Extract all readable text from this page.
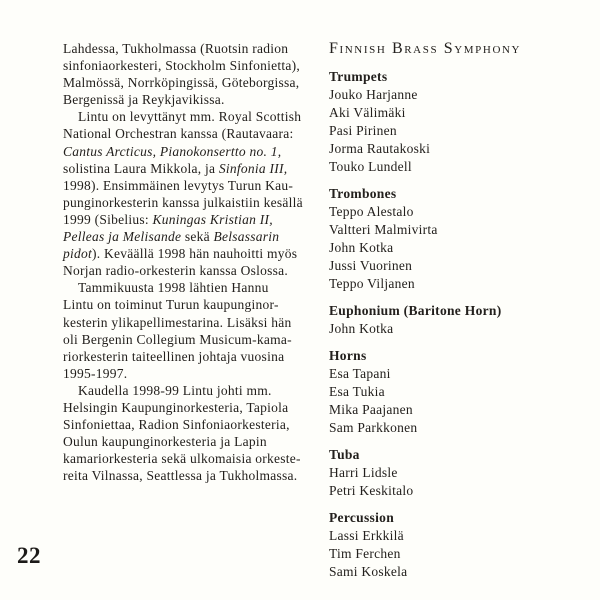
Lahdessa, Tukholmassa (Ruotsin radion
sinfoniaorkesteri, Stockholm Sinfonietta),
Malmössä, Norrköpingissä, Göteborgissa,
Bergenissä ja Reykjavikissa.
Lintu on levyttänyt mm. Royal Scottish
National Orchestran kanssa (Rautavaara:
Cantus Arcticus, Pianokonsertto no. 1,
solistina Laura Mikkola, ja Sinfonia III,
1998). Ensimmäinen levytys Turun Kau-
punginorkesterin kanssa julkaistiin kesällä
1999 (Sibelius: Kuningas Kristian II,
Pelleas ja Melisande sekä Belsassarin
pidot). Keväällä 1998 hän nauhoitti myös
Norjan radio-orkesterin kanssa Oslossa.
Tammikuusta 1998 lähtien Hannu
Lintu on toiminut Turun kaupunginor-
kesterin ylikapellimestarina. Lisäksi hän
oli Bergenin Collegium Musicum-kama-
riorkesterin taiteellinen johtaja vuosina
1995-1997.
Kaudella 1998-99 Lintu johti mm.
Helsingin Kaupunginorkesteria, Tapiola
Sinfoniettaa, Radion Sinfoniaorkesteria,
Oulun kaupunginorkesteria ja Lapin
kamariorkesteria sekä ulkomaisia orkeste-
reita Vilnassa, Seattlessa ja Tukholmassa.
Finnish Brass Symphony
Trumpets
Jouko Harjanne
Aki Välimäki
Pasi Pirinen
Jorma Rautakoski
Touko Lundell
Trombones
Teppo Alestalo
Valtteri Malmivirta
John Kotka
Jussi Vuorinen
Teppo Viljanen
Euphonium (Baritone Horn)
John Kotka
Horns
Esa Tapani
Esa Tukia
Mika Paajanen
Sam Parkkonen
Tuba
Harri Lidsle
Petri Keskitalo
Percussion
Lassi Erkkilä
Tim Ferchen
Sami Koskela
22
